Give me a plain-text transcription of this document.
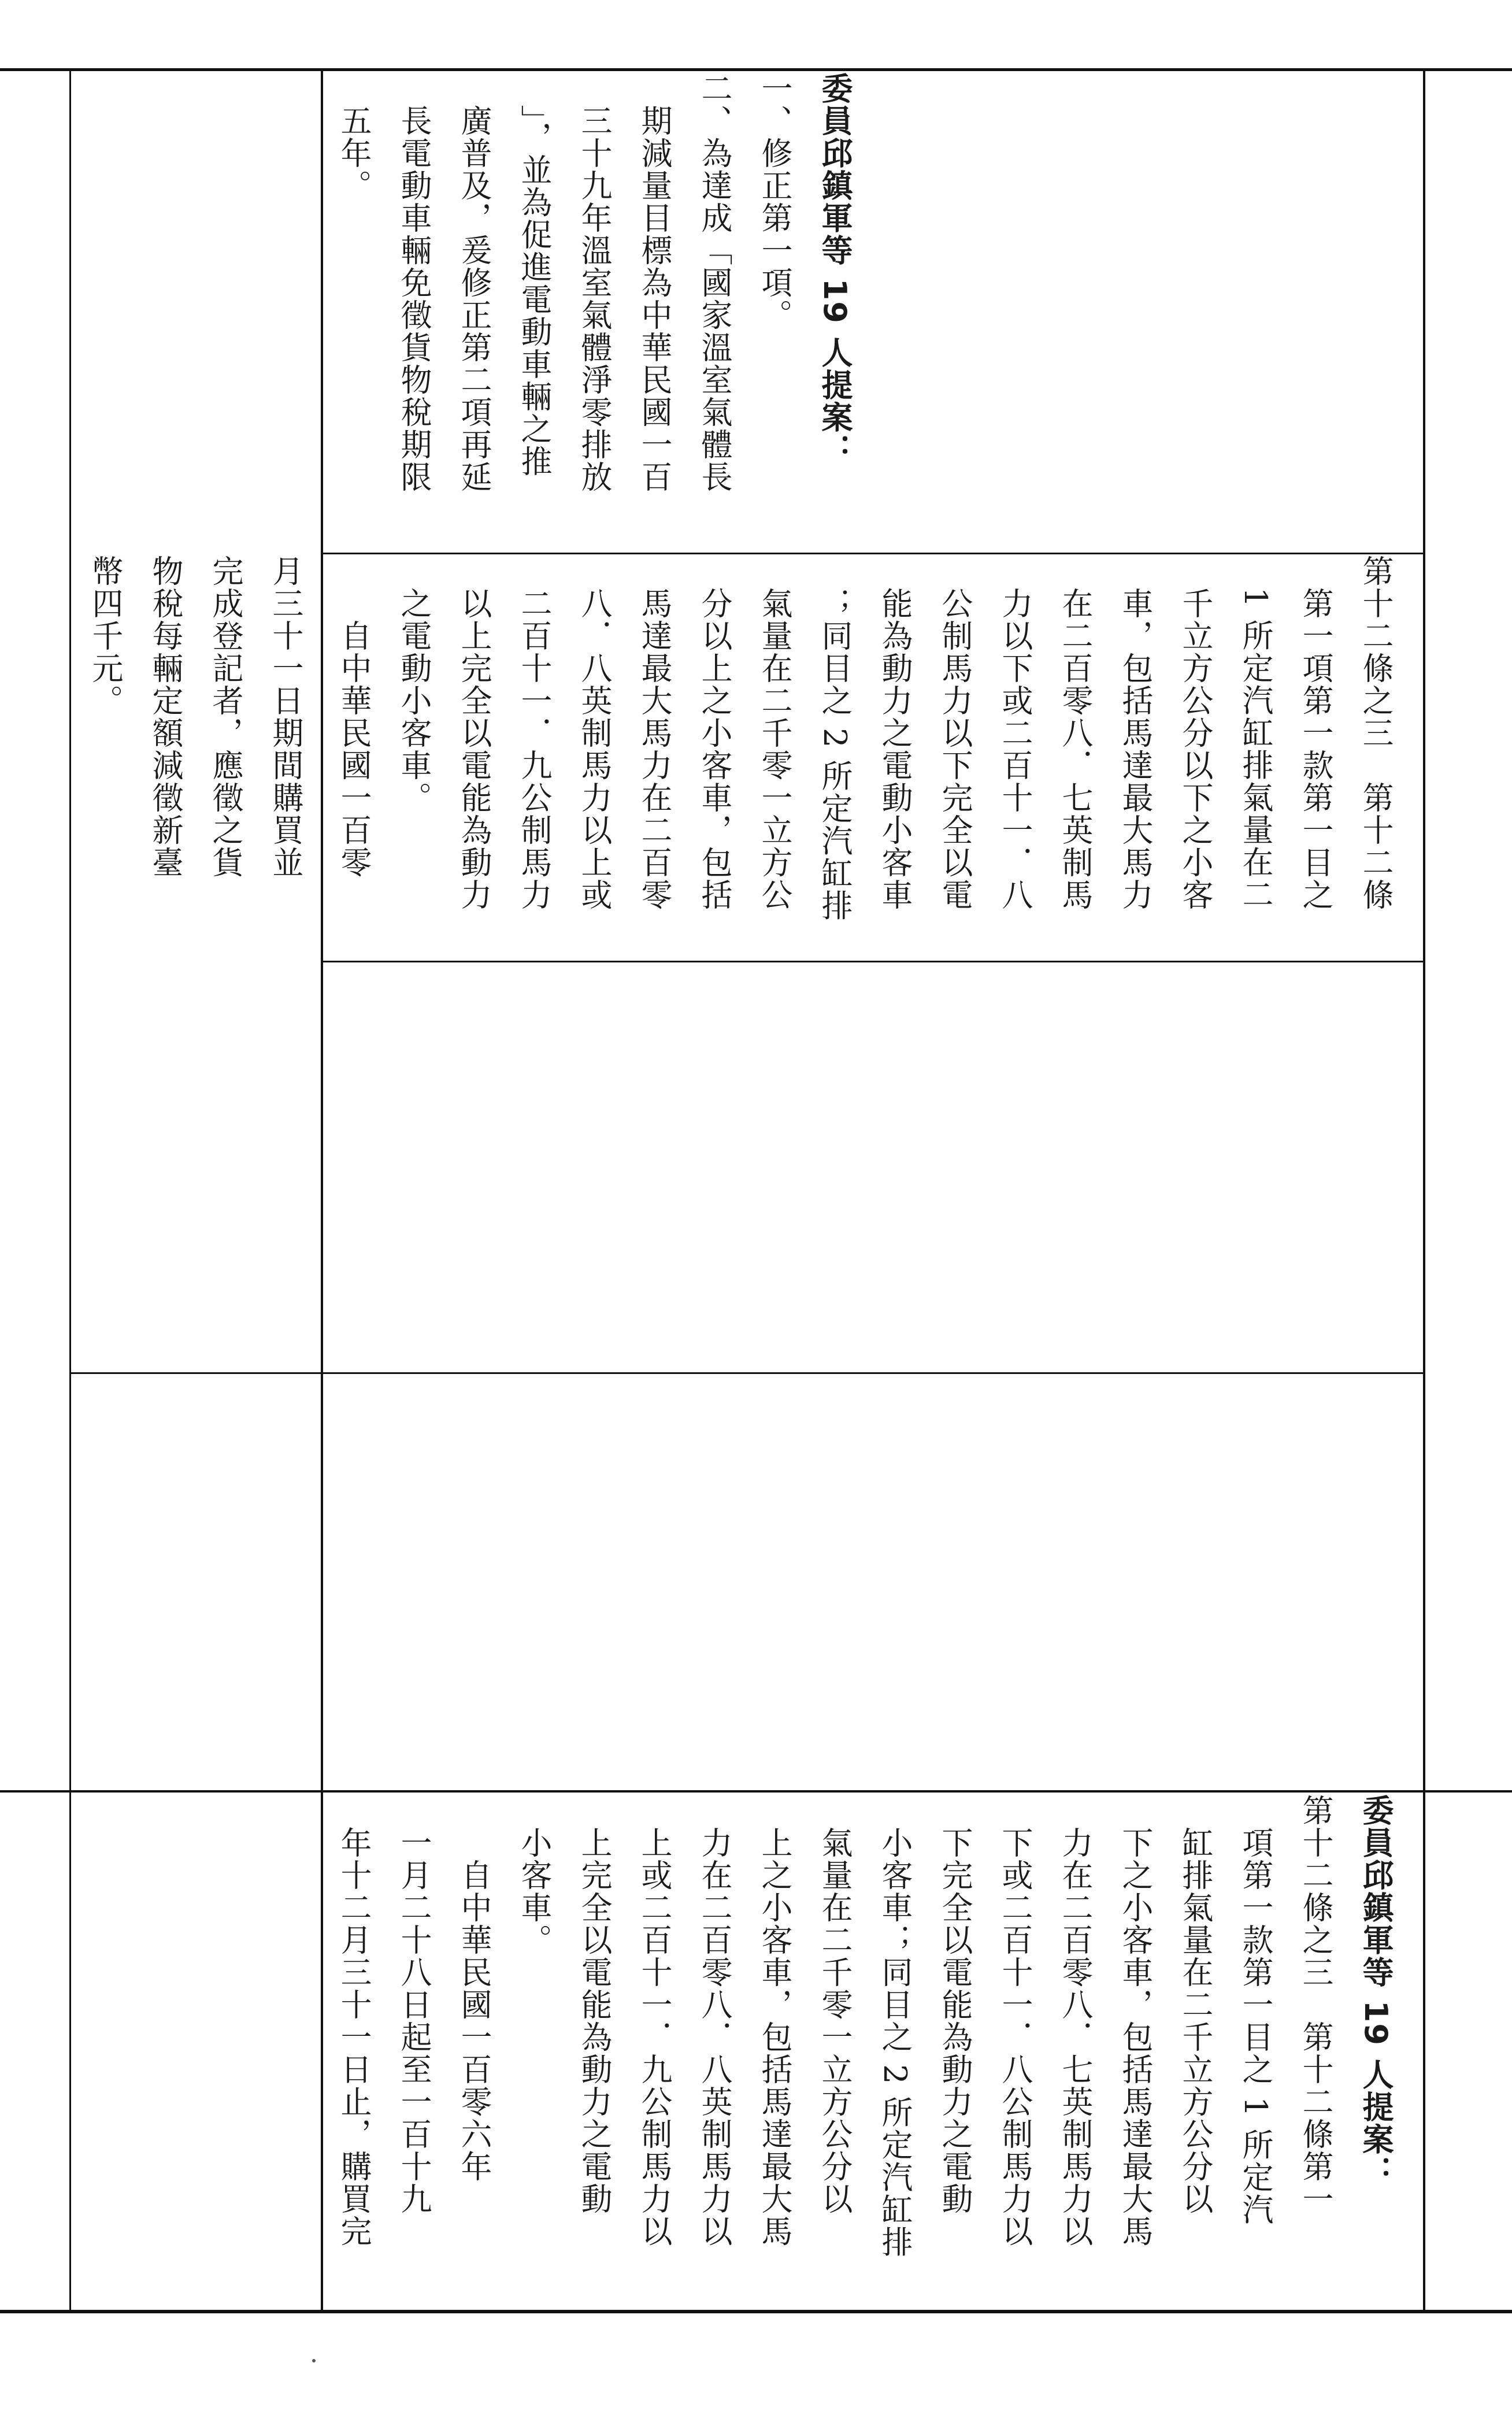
月三十一日期間購買並
完成登記者，應徵之貨
物稅每輛定額減徵新臺
幣四千元。	第十二條之三　第十二條
　第一項第一款第一目之
　1 所定汽缸排氣量在二
　千立方公分以下之小客
　車，包括馬達最大馬力
　在二百零八．七英制馬
　力以下或二百十一．八
　公制馬力以下完全以電
　能為動力之電動小客車
　；同目之 2 所定汽缸排
　氣量在二千零一立方公
　分以上之小客車，包括
　馬達最大馬力在二百零
　八．八英制馬力以上或
　二百十一．九公制馬力
　以上完全以電能為動力
　之電動小客車。
　　自中華民國一百零
委員邱鎮軍等 19 人提案：
一、修正第一項。
二、為達成「國家溫室氣體長
　期減量目標為中華民國一百
　三十九年溫室氣體淨零排放
　」，並為促進電動車輛之推
　廣普及，爰修正第二項再延
　長電動車輛免徵貨物稅期限
　五年。
委員邱鎮軍等 19 人提案：
第十二條之三　第十二條第一
　項第一款第一目之 1 所定汽
　缸排氣量在二千立方公分以
　下之小客車，包括馬達最大馬
　力在二百零八．七英制馬力以
　下或二百十一．八公制馬力以
　下完全以電能為動力之電動
　小客車；同目之 2 所定汽缸排
　氣量在二千零一立方公分以
　上之小客車，包括馬達最大馬
　力在二百零八．八英制馬力以
　上或二百十一．九公制馬力以
　上完全以電能為動力之電動
　小客車。
　　自中華民國一百零六年
　一月二十八日起至一百十九
　年十二月三十一日止，購買完
